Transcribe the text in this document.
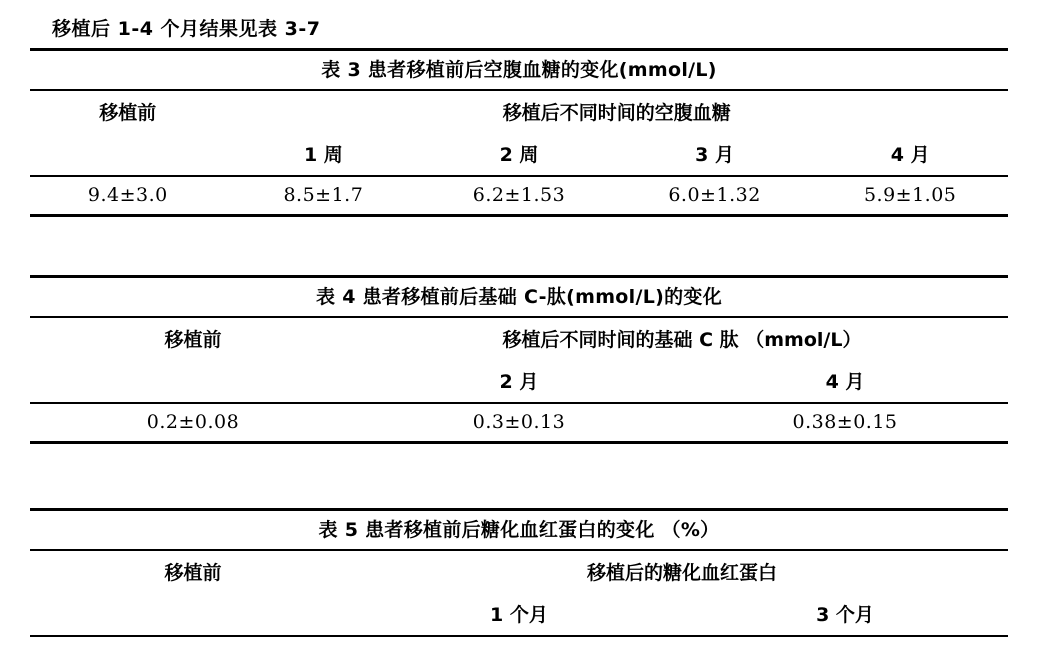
移植后 1-4 个月结果见表 3-7
表 3 患者移植前后空腹血糖的变化(mmol/L)
移植前	移植后不同时间的空腹血糖			
	1 周	2 周	3 月	4 月
9.4±3.0	8.5±1.7	6.2±1.53	6.0±1.32	5.9±1.05
表 4 患者移植前后基础 C-肽(mmol/L)的变化
移植前	移植后不同时间的基础 C 肽 （mmol/L）	
	2 月	4 月
0.2±0.08	0.3±0.13	0.38±0.15
表 5 患者移植前后糖化血红蛋白的变化 （%）
移植前	移植后的糖化血红蛋白	
	1 个月	3 个月
